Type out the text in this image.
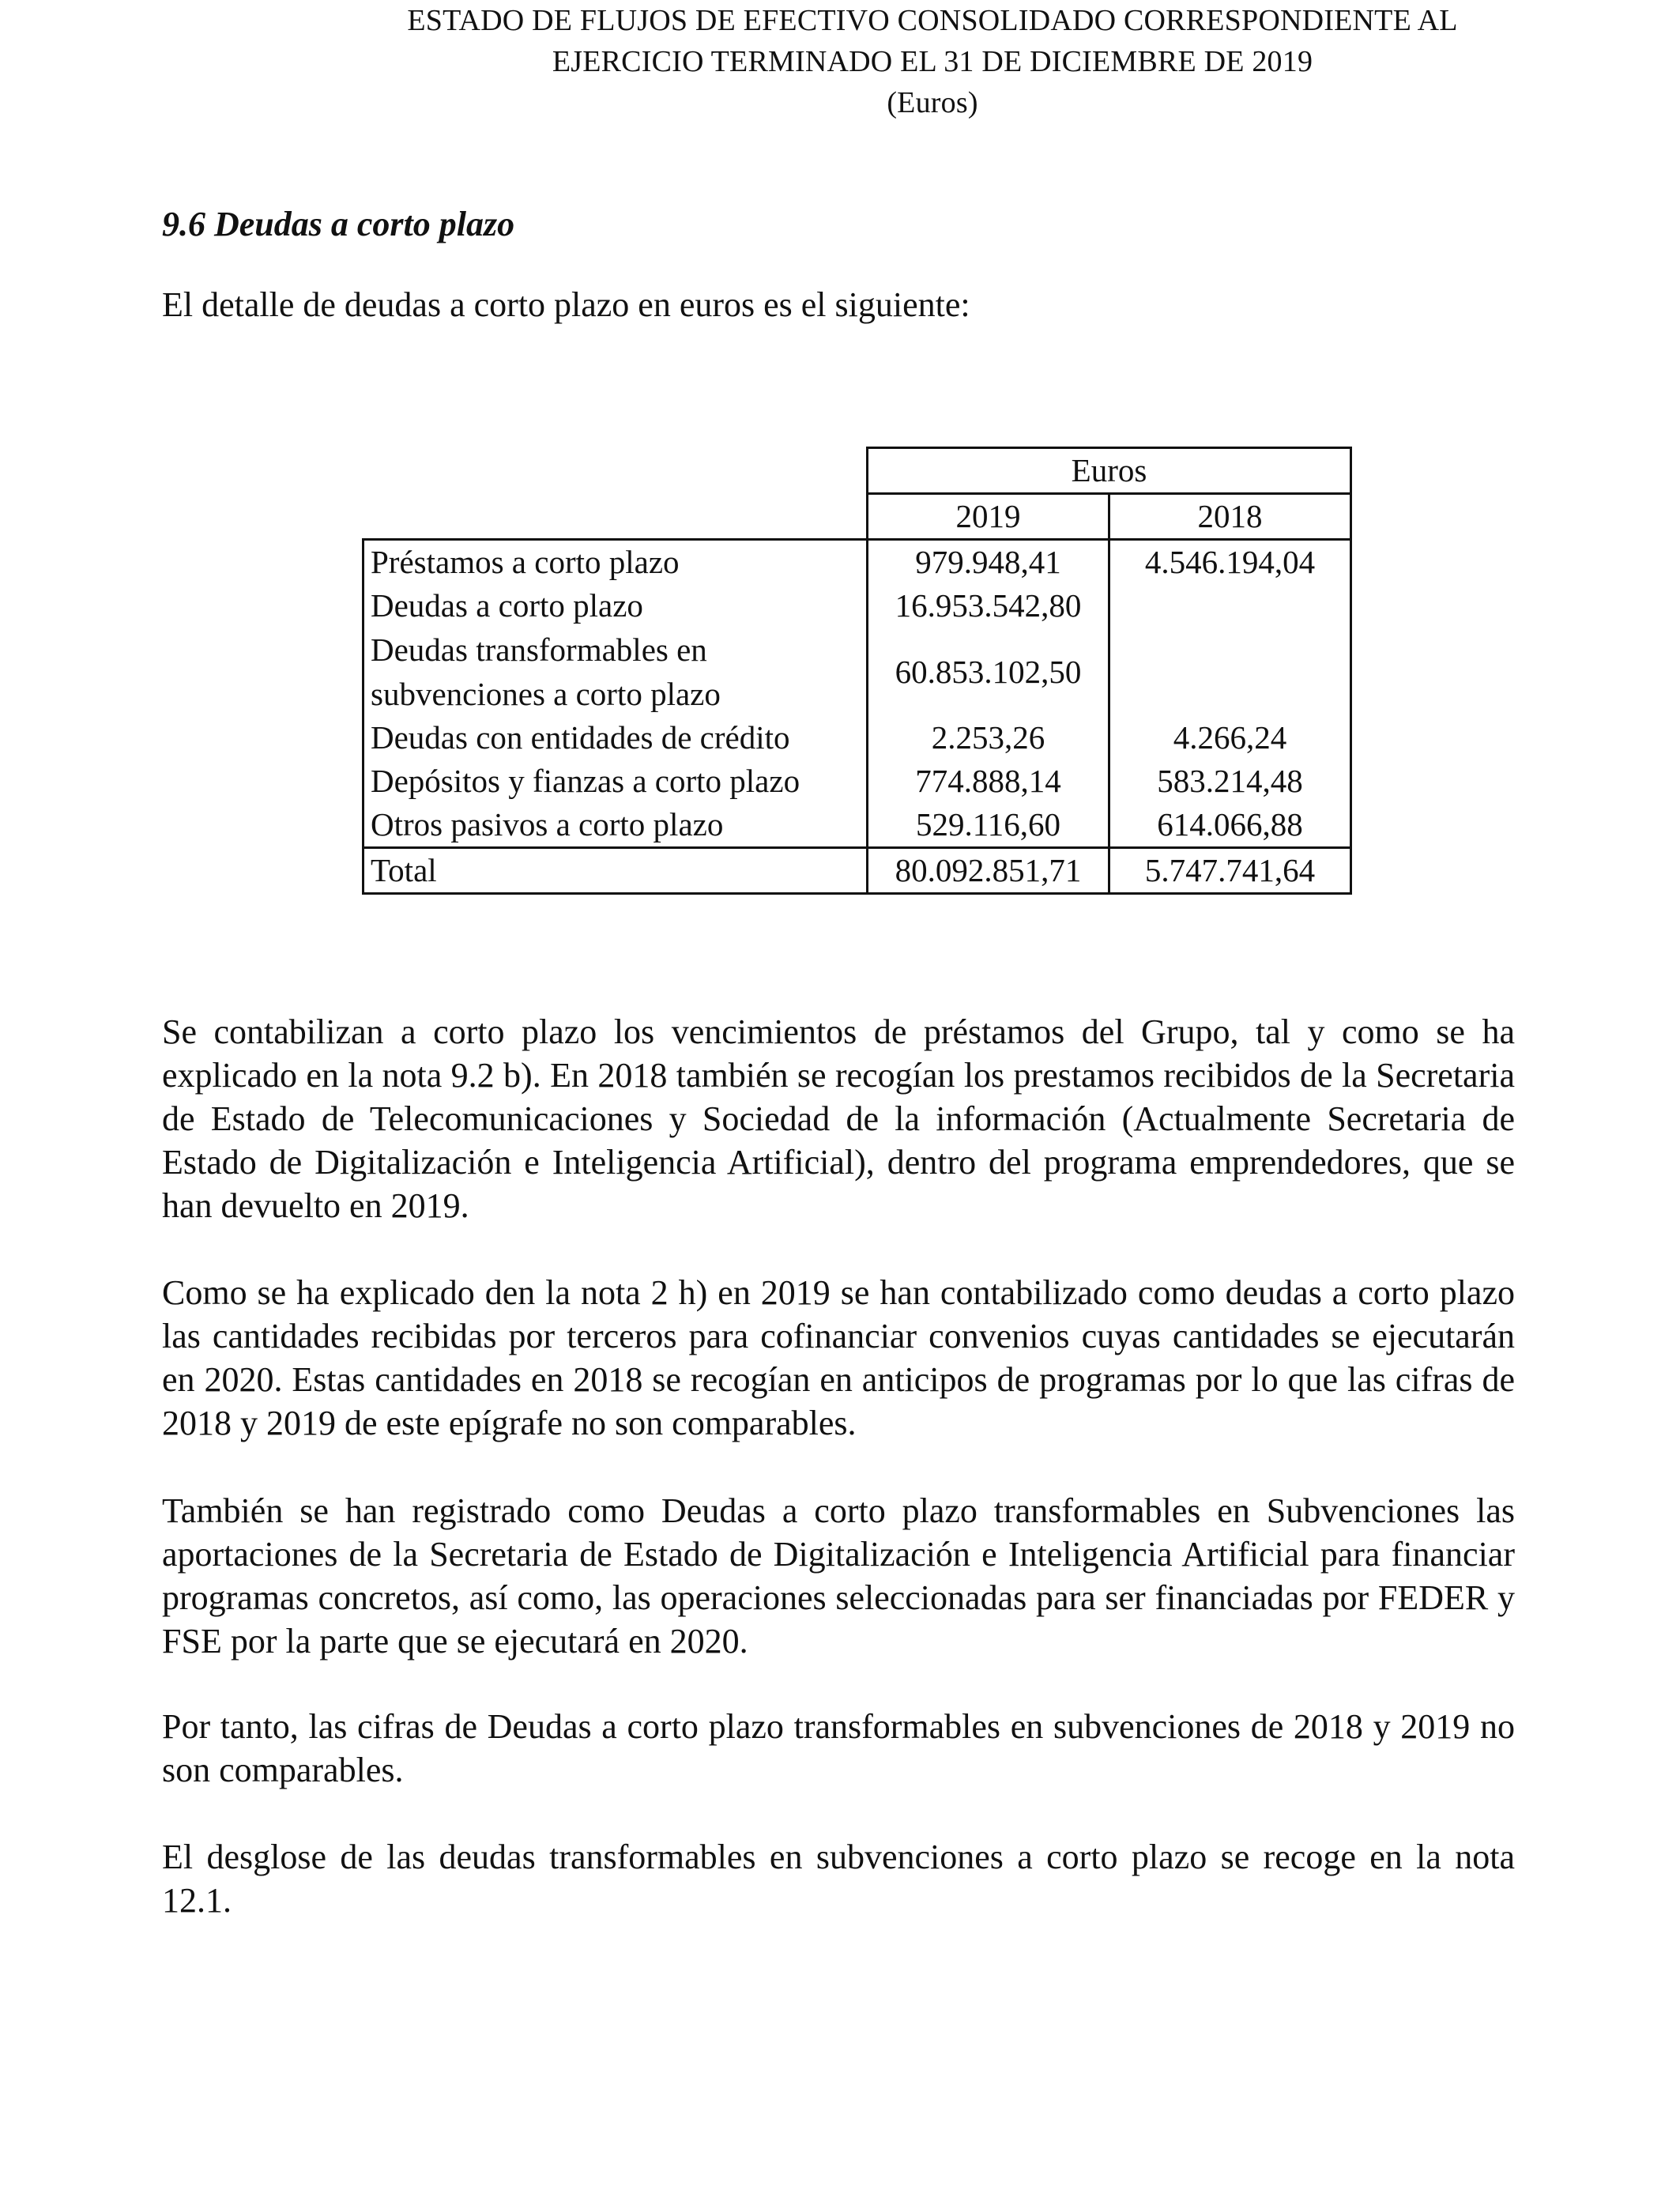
ESTADO DE FLUJOS DE EFECTIVO CONSOLIDADO CORRESPONDIENTE AL
EJERCICIO TERMINADO EL 31 DE DICIEMBRE DE 2019
(Euros)
9.6 Deudas a corto plazo
El detalle de deudas a corto plazo en euros es el siguiente:
	Euros	
	2019	2018
Préstamos a corto plazo	979.948,41	4.546.194,04
Deudas a corto plazo	16.953.542,80	

Deudas transformables en
subvenciones a corto plazo	60.853.102,50	
Deudas con entidades de crédito	2.253,26	4.266,24
Depósitos y fianzas a corto plazo	774.888,14	583.214,48
Otros pasivos a corto plazo	529.116,60	614.066,88
Total	80.092.851,71	5.747.741,64
Se contabilizan a corto plazo los vencimientos de préstamos del Grupo, tal y como se ha explicado en la nota 9.2 b). En 2018 también se recogían los prestamos recibidos de la Secretaria de Estado de Telecomunicaciones y Sociedad de la información (Actualmente Secretaria de Estado de Digitalización e Inteligencia Artificial), dentro del programa emprendedores, que se han devuelto en 2019.
Como se ha explicado den la nota 2 h) en 2019 se han contabilizado como deudas a corto plazo las cantidades recibidas por terceros para cofinanciar convenios cuyas cantidades se ejecutarán en 2020. Estas cantidades en 2018 se recogían en anticipos de programas por lo que las cifras de 2018 y 2019 de este epígrafe no son comparables.
También se han registrado como Deudas a corto plazo transformables en Subvenciones las aportaciones de la Secretaria de Estado de Digitalización e Inteligencia Artificial para financiar programas concretos, así como, las operaciones seleccionadas para ser financiadas por FEDER y FSE por la parte que se ejecutará en 2020.
Por tanto, las cifras de Deudas a corto plazo transformables en subvenciones de 2018 y 2019 no son comparables.
El desglose de las deudas transformables en subvenciones a corto plazo se recoge en la nota 12.1.
